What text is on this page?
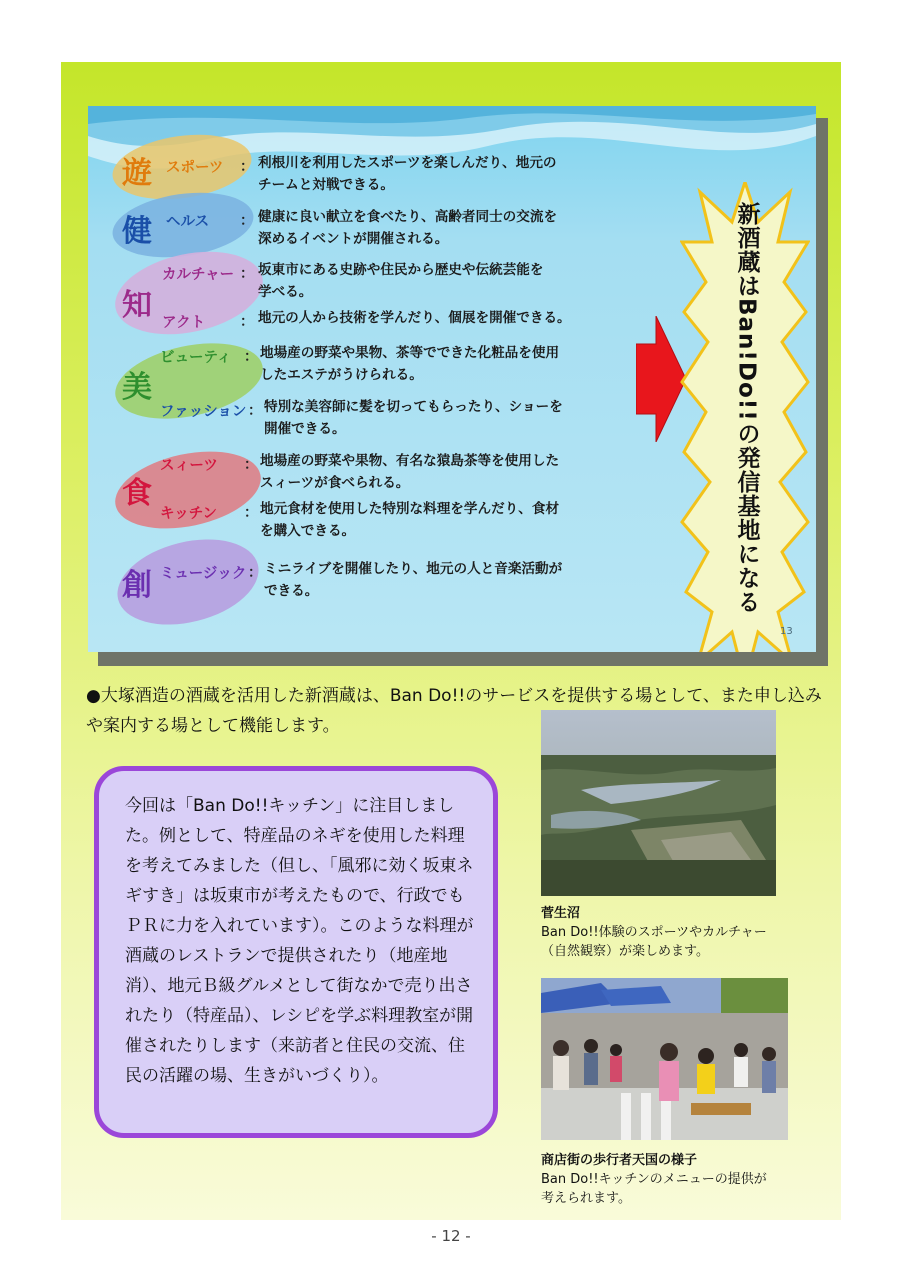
遊
健
知
美
食
創
スポーツ
ヘルス
カルチャー
アクト
ビューティ
ファッション
スィーツ
キッチン
ミュージック
：
：
：
：
：
：
：
：
：
利根川を利用したスポーツを楽しんだり、地元の
チームと対戦できる。
健康に良い献立を食べたり、高齢者同士の交流を
深めるイベントが開催される。
坂東市にある史跡や住民から歴史や伝統芸能を
学べる。
地元の人から技術を学んだり、個展を開催できる。
地場産の野菜や果物、茶等でできた化粧品を使用
したエステがうけられる。
特別な美容師に髪を切ってもらったり、ショーを
開催できる。
地場産の野菜や果物、有名な猿島茶等を使用した
スィーツが食べられる。
地元食材を使用した特別な料理を学んだり、食材
を購入できる。
ミニライブを開催したり、地元の人と音楽活動が
できる。	新酒蔵はBan!Do!!の発信基地になる
13
●大塚酒造の酒蔵を活用した新酒蔵は、Ban Do!!のサービスを提供する場として、また申し込みや案内する場として機能します。
今回は「Ban Do!!キッチン」に注目しました。例として、特産品のネギを使用した料理を考えてみました（但し、「風邪に効く坂東ネギすき」は坂東市が考えたもので、行政でもＰＲに力を入れています）。このような料理が酒蔵のレストランで提供されたり（地産地消）、地元Ｂ級グルメとして街なかで売り出されたり（特産品）、レシピを学ぶ料理教室が開催されたりします（来訪者と住民の交流、住民の活躍の場、生きがいづくり）。
菅生沼
Ban Do!!体験のスポーツやカルチャー
（自然観察）が楽しめます。
商店街の歩行者天国の様子
Ban Do!!キッチンのメニューの提供が
考えられます。
- 12 -
